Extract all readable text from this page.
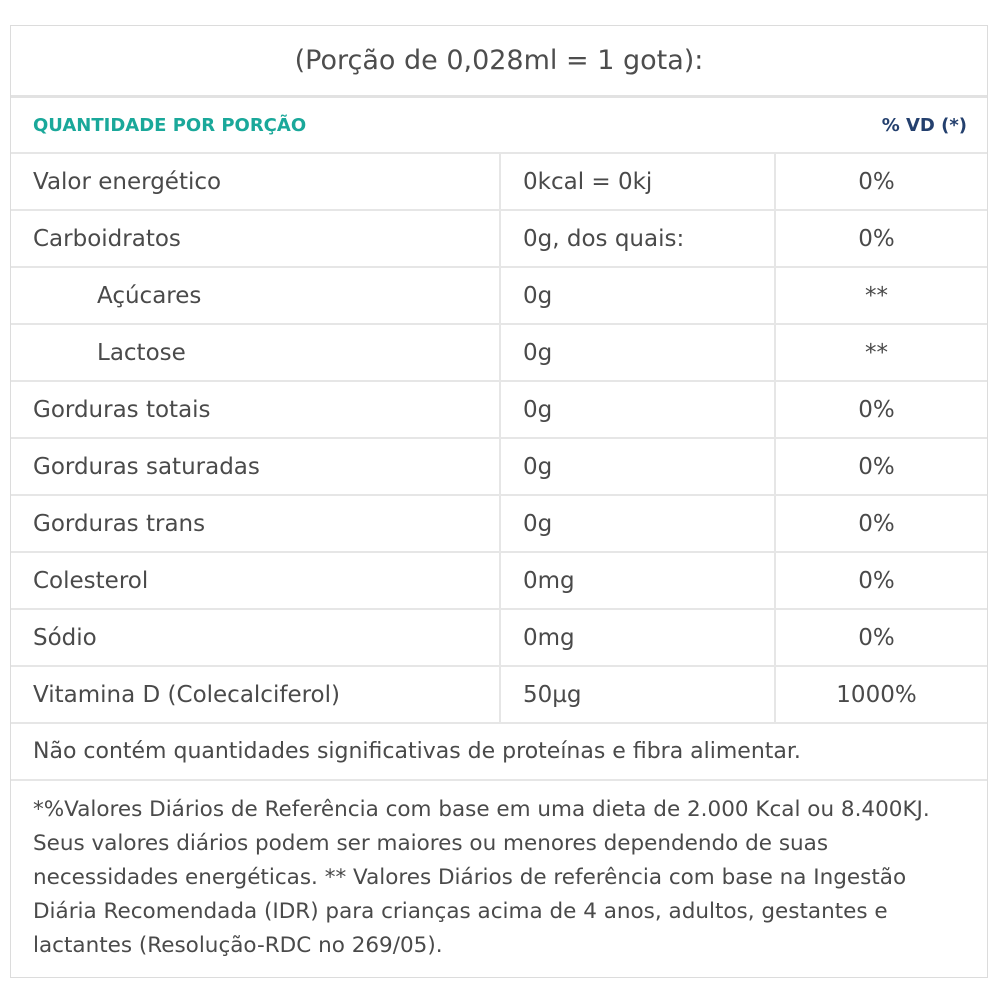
(Porção de 0,028ml = 1 gota):
QUANTIDADE POR PORÇÃO	% VD (*)
Valor energético	0kcal = 0kj	0%
Carboidratos	0g, dos quais:	0%
Açúcares	0g	**
Lactose	0g	**
Gorduras totais	0g	0%
Gorduras saturadas	0g	0%
Gorduras trans	0g	0%
Colesterol	0mg	0%
Sódio	0mg	0%
Vitamina D (Colecalciferol)	50µg	1000%
Não contém quantidades significativas de proteínas e fibra alimentar.
*%Valores Diários de Referência com base em uma dieta de 2.000 Kcal ou 8.400KJ. Seus valores diários podem ser maiores ou menores dependendo de suas necessidades energéticas. ** Valores Diários de referência com base na Ingestão Diária Recomendada (IDR) para crianças acima de 4 anos, adultos, gestantes e lactantes (Resolução-RDC no 269/05).
